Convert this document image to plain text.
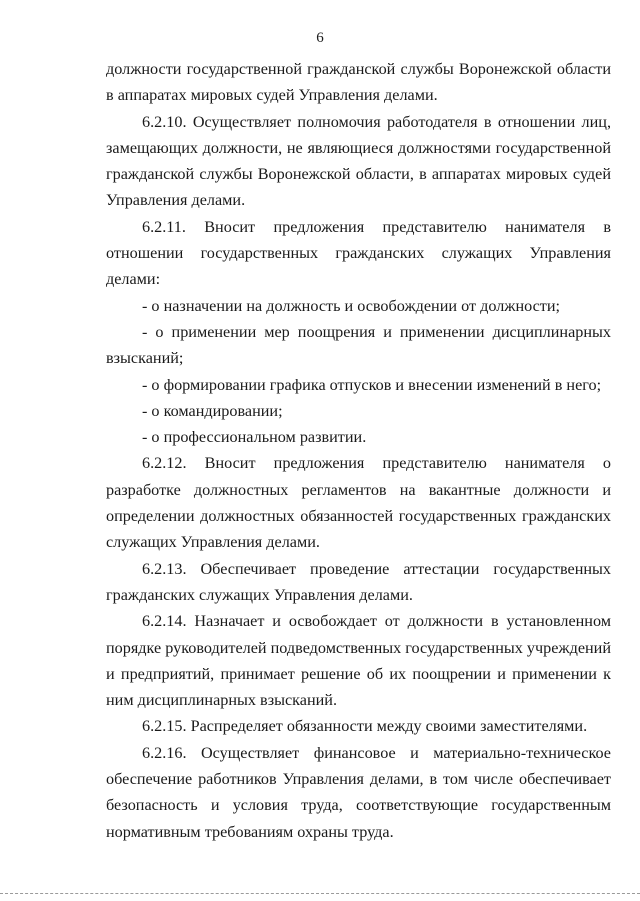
6

должности государственной гражданской службы Воронежской области в аппаратах мировых судей Управления делами.

6.2.10. Осуществляет полномочия работодателя в отношении лиц, замещающих должности, не являющиеся должностями государственной гражданской службы Воронежской области, в аппаратах мировых судей Управления делами.

6.2.11. Вносит предложения представителю нанимателя в отношении государственных гражданских служащих Управления делами:

- о назначении на должность и освобождении от должности;

- о применении мер поощрения и применении дисциплинарных взысканий;

- о формировании графика отпусков и внесении изменений в него;

- о командировании;

- о профессиональном развитии.

6.2.12. Вносит предложения представителю нанимателя о разработке должностных регламентов на вакантные должности и определении должностных обязанностей государственных гражданских служащих Управления делами.

6.2.13. Обеспечивает проведение аттестации государственных гражданских служащих Управления делами.

6.2.14. Назначает и освобождает от должности в установленном порядке руководителей подведомственных государственных учреждений и предприятий, принимает решение об их поощрении и применении к ним дисциплинарных взысканий.

6.2.15. Распределяет обязанности между своими заместителями.

6.2.16. Осуществляет финансовое и материально-техническое обеспечение работников Управления делами, в том числе обеспечивает безопасность и условия труда, соответствующие государственным нормативным требованиям охраны труда.
